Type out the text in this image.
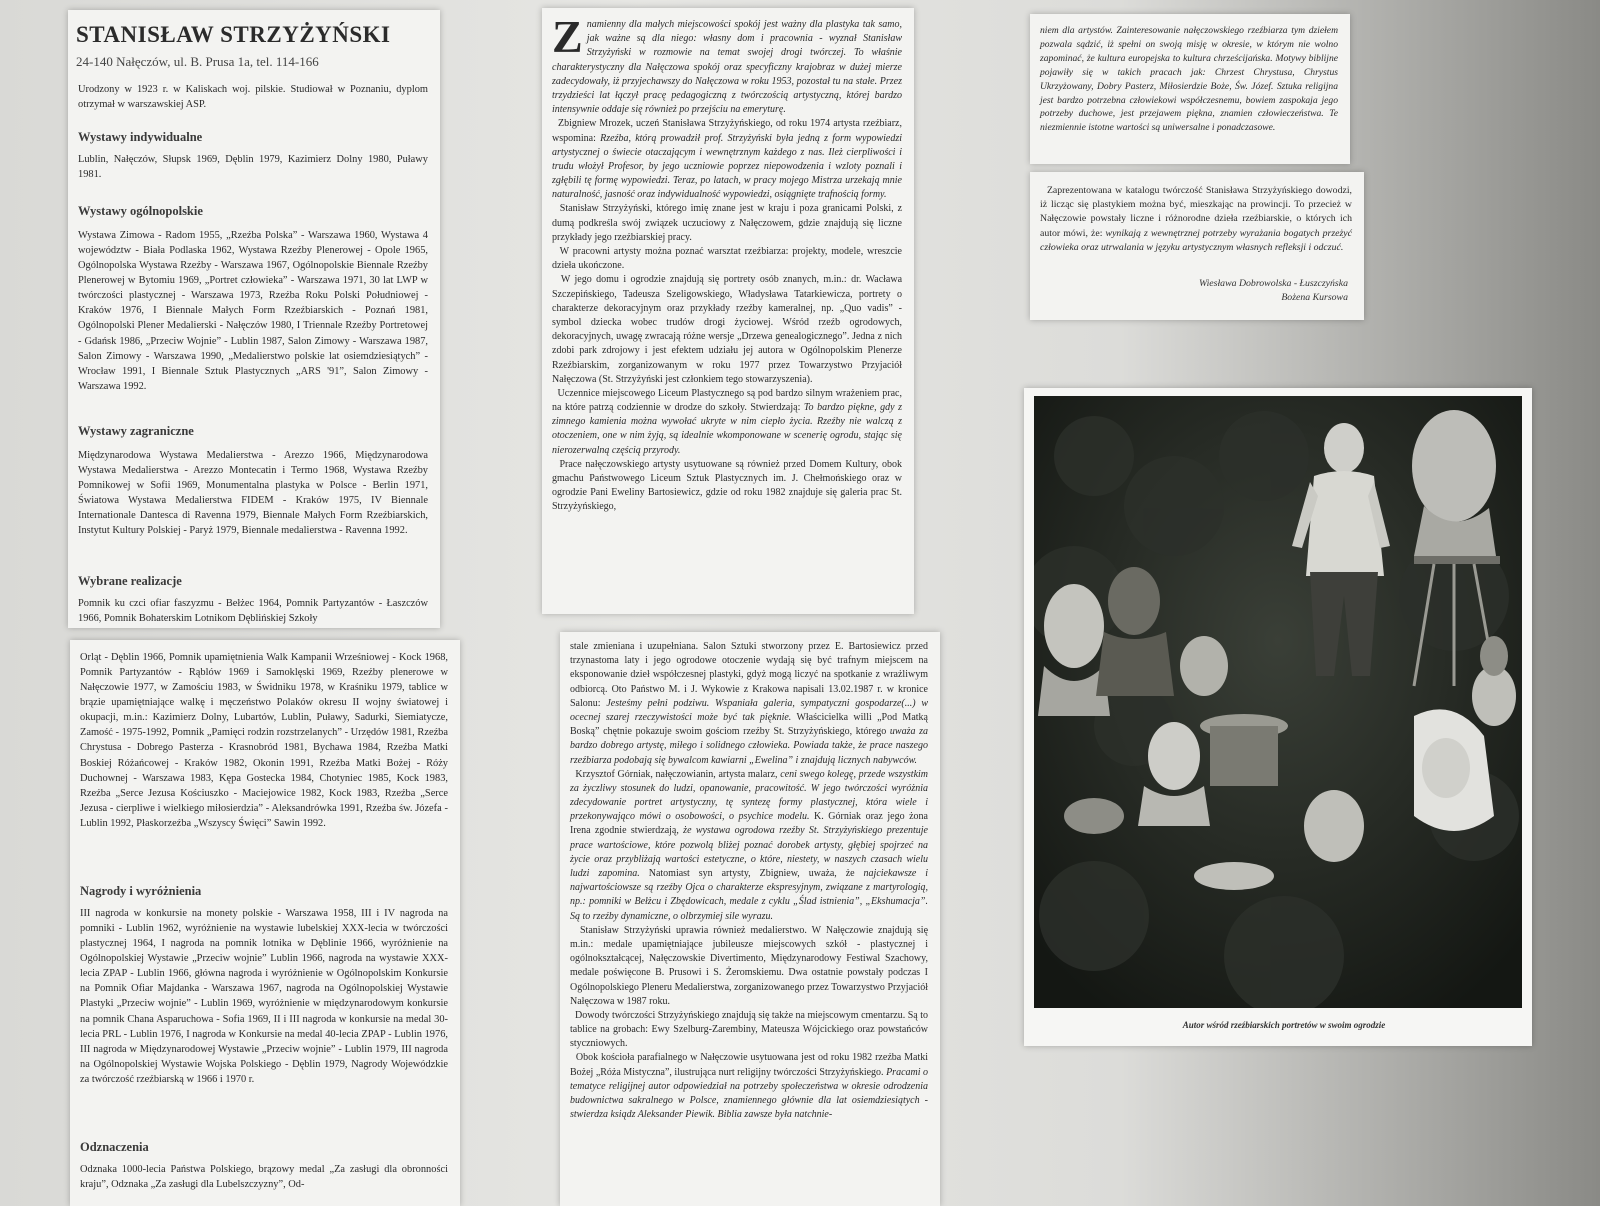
STANISŁAW STRZYŻYŃSKI
24-140 Nałęczów, ul. B. Prusa 1a, tel. 114-166
Urodzony w 1923 r. w Kaliskach woj. pilskie. Studiował w Poznaniu, dyplom otrzymał w warszawskiej ASP.
Wystawy indywidualne
Lublin, Nałęczów, Słupsk 1969, Dęblin 1979, Kazimierz Dolny 1980, Puławy 1981.
Wystawy ogólnopolskie
Wystawa Zimowa - Radom 1955, „Rzeźba Polska” - Warszawa 1960, Wystawa 4 województw - Biała Podlaska 1962, Wystawa Rzeźby Plenerowej - Opole 1965, Ogólnopolska Wystawa Rzeźby - Warszawa 1967, Ogólnopolskie Biennale Rzeźby Plenerowej w Bytomiu 1969, „Portret człowieka” - Warszawa 1971, 30 lat LWP w twórczości plastycznej - Warszawa 1973, Rzeźba Roku Polski Południowej - Kraków 1976, I Biennale Małych Form Rzeźbiarskich - Poznań 1981, Ogólnopolski Plener Medalierski - Nałęczów 1980, I Triennale Rzeźby Portretowej - Gdańsk 1986, „Przeciw Wojnie” - Lublin 1987, Salon Zimowy - Warszawa 1987, Salon Zimowy - Warszawa 1990, „Medalierstwo polskie lat osiemdziesiątych” - Wrocław 1991, I Biennale Sztuk Plastycznych „ARS '91”, Salon Zimowy - Warszawa 1992.
Wystawy zagraniczne
Międzynarodowa Wystawa Medalierstwa - Arezzo 1966, Międzynarodowa Wystawa Medalierstwa - Arezzo Montecatin i Termo 1968, Wystawa Rzeźby Pomnikowej w Sofii 1969, Monumentalna plastyka w Polsce - Berlin 1971, Światowa Wystawa Medalierstwa FIDEM - Kraków 1975, IV Biennale Internationale Dantesca di Ravenna 1979, Biennale Małych Form Rzeźbiarskich, Instytut Kultury Polskiej - Paryż 1979, Biennale medalierstwa - Ravenna 1992.
Wybrane realizacje
Pomnik ku czci ofiar faszyzmu - Bełżec 1964, Pomnik Partyzantów - Łaszczów 1966, Pomnik Bohaterskim Lotnikom Dęblińskiej Szkoły
Orląt - Dęblin 1966, Pomnik upamiętnienia Walk Kampanii Wrześniowej - Kock 1968, Pomnik Partyzantów - Rąblów 1969 i Samoklęski 1969, Rzeźby plenerowe w Nałęczowie 1977, w Zamościu 1983, w Świdniku 1978, w Kraśniku 1979, tablice w brązie upamiętniające walkę i męczeństwo Polaków okresu II wojny światowej i okupacji, m.in.: Kazimierz Dolny, Lubartów, Lublin, Puławy, Sadurki, Siemiatycze, Zamość - 1975-1992, Pomnik „Pamięci rodzin rozstrzelanych” - Urzędów 1981, Rzeźba Chrystusa - Dobrego Pasterza - Krasnobród 1981, Bychawa 1984, Rzeźba Matki Boskiej Różańcowej - Kraków 1982, Okonin 1991, Rzeźba Matki Bożej - Róży Duchownej - Warszawa 1983, Kępa Gostecka 1984, Chotyniec 1985, Kock 1983, Rzeźba „Serce Jezusa Kościuszko - Maciejowice 1982, Kock 1983, Rzeźba „Serce Jezusa - cierpliwe i wielkiego miłosierdzia” - Aleksandrówka 1991, Rzeźba św. Józefa - Lublin 1992, Płaskorzeźba „Wszyscy Święci” Sawin 1992.
Nagrody i wyróżnienia
III nagroda w konkursie na monety polskie - Warszawa 1958, III i IV nagroda na pomniki - Lublin 1962, wyróżnienie na wystawie lubelskiej XXX-lecia w twórczości plastycznej 1964, I nagroda na pomnik lotnika w Dęblinie 1966, wyróżnienie na Ogólnopolskiej Wystawie „Przeciw wojnie” Lublin 1966, nagroda na wystawie XXX-lecia ZPAP - Lublin 1966, główna nagroda i wyróżnienie w Ogólnopolskim Konkursie na Pomnik Ofiar Majdanka - Warszawa 1967, nagroda na Ogólnopolskiej Wystawie Plastyki „Przeciw wojnie” - Lublin 1969, wyróżnienie w międzynarodowym konkursie na pomnik Chana Asparuchowa - Sofia 1969, II i III nagroda w konkursie na medal 30-lecia PRL - Lublin 1976, I nagroda w Konkursie na medal 40-lecia ZPAP - Lublin 1976, III nagroda w Międzynarodowej Wystawie „Przeciw wojnie” - Lublin 1979, III nagroda na Ogólnopolskiej Wystawie Wojska Polskiego - Dęblin 1979, Nagrody Wojewódzkie za twórczość rzeźbiarską w 1966 i 1970 r.
Odznaczenia
Odznaka 1000-lecia Państwa Polskiego, brązowy medal „Za zasługi dla obronności kraju”, Odznaka „Za zasługi dla Lubelszczyzny”, Od-
Z namienny dla małych miejscowości spokój jest ważny dla plastyka tak samo, jak ważne są dla niego: własny dom i pracownia - wyznał Stanisław Strzyżyński w rozmowie na temat swojej drogi twórczej. To właśnie charakterystyczny dla Nałęczowa spokój oraz specyficzny krajobraz w dużej mierze zadecydowały, iż przyjechawszy do Nałęczowa w roku 1953, pozostał tu na stałe. Przez trzydzieści lat łączył pracę pedagogiczną z twórczością artystyczną, której bardzo intensywnie oddaje się również po przejściu na emeryturę.
Zbigniew Mrozek, uczeń Stanisława Strzyżyńskiego, od roku 1974 artysta rzeźbiarz, wspomina: Rzeźba, którą prowadził prof. Strzyżyński była jedną z form wypowiedzi artystycznej o świecie otaczającym i wewnętrznym każdego z nas. Ileż cierpliwości i trudu włożył Profesor, by jego uczniowie poprzez niepowodzenia i wzloty poznali i zgłębili tę formę wypowiedzi. Teraz, po latach, w pracy mojego Mistrza urzekają mnie naturalność, jasność oraz indywidualność wypowiedzi, osiągnięte trafnością formy.
Stanisław Strzyżyński, którego imię znane jest w kraju i poza granicami Polski, z dumą podkreśla swój związek uczuciowy z Nałęczowem, gdzie znajdują się liczne przykłady jego rzeźbiarskiej pracy.
W pracowni artysty można poznać warsztat rzeźbiarza: projekty, modele, wreszcie dzieła ukończone.
W jego domu i ogrodzie znajdują się portrety osób znanych, m.in.: dr. Wacława Szczepińskiego, Tadeusza Szeligowskiego, Władysława Tatarkiewicza, portrety o charakterze dekoracyjnym oraz przykłady rzeźby kameralnej, np. „Quo vadis” - symbol dziecka wobec trudów drogi życiowej. Wśród rzeźb ogrodowych, dekoracyjnych, uwagę zwracają różne wersje „Drzewa genealogicznego”. Jedna z nich zdobi park zdrojowy i jest efektem udziału jej autora w Ogólnopolskim Plenerze Rzeźbiarskim, zorganizowanym w roku 1977 przez Towarzystwo Przyjaciół Nałęczowa (St. Strzyżyński jest członkiem tego stowarzyszenia).
Uczennice miejscowego Liceum Plastycznego są pod bardzo silnym wrażeniem prac, na które patrzą codziennie w drodze do szkoły. Stwierdzają: To bardzo piękne, gdy z zimnego kamienia można wywołać ukryte w nim ciepło życia. Rzeźby nie walczą z otoczeniem, one w nim żyją, są idealnie wkomponowane w scenerię ogrodu, stając się nierozerwalną częścią przyrody.
Prace nałęczowskiego artysty usytuowane są również przed Domem Kultury, obok gmachu Państwowego Liceum Sztuk Plastycznych im. J. Chełmońskiego oraz w ogrodzie Pani Eweliny Bartosiewicz, gdzie od roku 1982 znajduje się galeria prac St. Strzyżyńskiego,
stale zmieniana i uzupełniana. Salon Sztuki stworzony przez E. Bartosiewicz przed trzynastoma laty i jego ogrodowe otoczenie wydają się być trafnym miejscem na eksponowanie dzieł współczesnej plastyki, gdyż mogą liczyć na spotkanie z wrażliwym odbiorcą. Oto Państwo M. i J. Wykowie z Krakowa napisali 13.02.1987 r. w kronice Salonu: Jesteśmy pełni podziwu. Wspaniała galeria, sympatyczni gospodarze(...) w ocecnej szarej rzeczywistości może być tak pięknie. Właścicielka willi „Pod Matką Boską” chętnie pokazuje swoim gościom rzeźby St. Strzyżyńskiego, którego uważa za bardzo dobrego artystę, miłego i solidnego człowieka. Powiada także, że prace naszego rzeźbiarza podobają się bywalcom kawiarni „Ewelina” i znajdują licznych nabywców.
Krzysztof Górniak, nałęczowianin, artysta malarz, ceni swego kolegę, przede wszystkim za życzliwy stosunek do ludzi, opanowanie, pracowitość. W jego twórczości wyróżnia zdecydowanie portret artystyczny, tę syntezę formy plastycznej, która wiele i przekonywająco mówi o osobowości, o psychice modelu. K. Górniak oraz jego żona Irena zgodnie stwierdzają, że wystawa ogrodowa rzeźby St. Strzyżyńskiego prezentuje prace wartościowe, które pozwolą bliżej poznać dorobek artysty, głębiej spojrzeć na życie oraz przybliżają wartości estetyczne, o które, niestety, w naszych czasach wielu ludzi zapomina. Natomiast syn artysty, Zbigniew, uważa, że najciekawsze i najwartościowsze są rzeźby Ojca o charakterze ekspresyjnym, związane z martyrologią, np.: pomniki w Bełżcu i Zbędowicach, medale z cyklu „Ślad istnienia”, „Ekshumacja”. Są to rzeźby dynamiczne, o olbrzymiej sile wyrazu.
Stanisław Strzyżyński uprawia również medalierstwo. W Nałęczowie znajdują się m.in.: medale upamiętniające jubileusze miejscowych szkół - plastycznej i ogólnokształcącej, Nałęczowskie Divertimento, Międzynarodowy Festiwal Szachowy, medale poświęcone B. Prusowi i S. Żeromskiemu. Dwa ostatnie powstały podczas I Ogólnopolskiego Pleneru Medalierstwa, zorganizowanego przez Towarzystwo Przyjaciół Nałęczowa w 1987 roku.
Dowody twórczości Strzyżyńskiego znajdują się także na miejscowym cmentarzu. Są to tablice na grobach: Ewy Szelburg-Zarembiny, Mateusza Wójcickiego oraz powstańców styczniowych.
Obok kościoła parafialnego w Nałęczowie usytuowana jest od roku 1982 rzeźba Matki Bożej „Róża Mistyczna”, ilustrująca nurt religijny twórczości Strzyżyńskiego. Pracami o tematyce religijnej autor odpowiedział na potrzeby społeczeństwa w okresie odrodzenia budownictwa sakralnego w Polsce, znamiennego głównie dla lat osiemdziesiątych - stwierdza ksiądz Aleksander Piewik. Biblia zawsze była natchnie-
niem dla artystów. Zainteresowanie nałęczowskiego rzeźbiarza tym dziełem pozwala sądzić, iż spełni on swoją misję w okresie, w którym nie wolno zapominać, że kultura europejska to kultura chrześcijańska. Motywy biblijne pojawiły się w takich pracach jak: Chrzest Chrystusa, Chrystus Ukrzyżowany, Dobry Pasterz, Miłosierdzie Boże, Św. Józef. Sztuka religijna jest bardzo potrzebna człowiekowi współczesnemu, bowiem zaspokaja jego potrzeby duchowe, jest przejawem piękna, znamien człowieczeństwa. Te niezmiennie istotne wartości są uniwersalne i ponadczasowe.
Zaprezentowana w katalogu twórczość Stanisława Strzyżyńskiego dowodzi, iż licząc się plastykiem można być, mieszkając na prowincji. To przecież w Nałęczowie powstały liczne i różnorodne dzieła rzeźbiarskie, o których ich autor mówi, że: wynikają z wewnętrznej potrzeby wyrażania bogatych przeżyć człowieka oraz utrwalania w języku artystycznym własnych refleksji i odczuć.
Wiesława Dobrowolska - Łuszczyńska
Bożena Kursowa
Autor wśród rzeźbiarskich portretów w swoim ogrodzie
